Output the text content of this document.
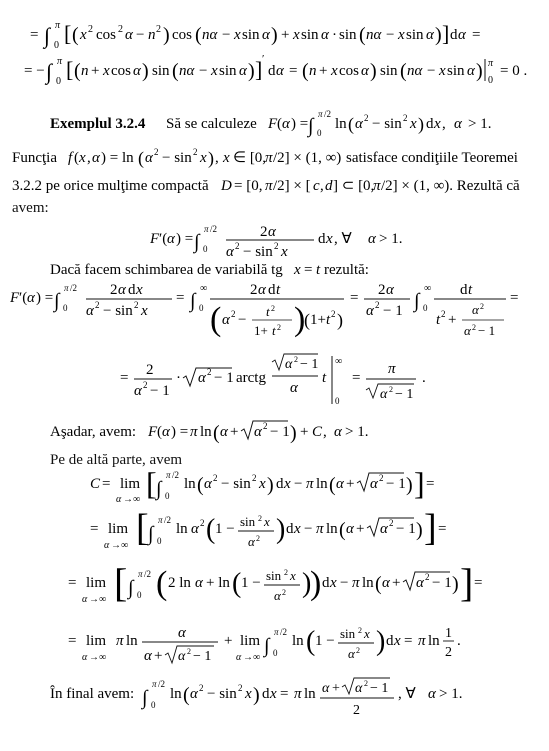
= ∫ π
0 [ ( x 2 cos 2 α − n 2 ) cos ( nα − x sin α ) + x sin α · sin ( nα − x sin α ) ] d α =
= − ∫ π
0 [ ( n + x cos α ) sin ( nα − x sin α ) ] ′
d α = ( n + x cos α ) sin ( nα − x sin α ) π
0
= 0 .
Exemplul 3.2.4 Să se calculeze F ( α ) = ∫
π /2
0
ln ( α 2 − sin 2 x ) d x , α > 1.
Funcţia f ( x , α ) = ln ( α 2 − sin 2 x ) , x ∈ [0,
π /2] × (1, ∞) satisface condiţiile Teoremei
3.2.2 pe orice mulţime compactă D = [0, π /2] × [ c , d ] ⊂ [0,
π /2] × (1, ∞). Rezultă că
avem:
F ′( α ) = ∫
π /2
0
2 α
α 2 − sin 2 x
d x , ∀ α > 1.
Dacă facem schimbarea de variabilă tg x = t rezultă:
F ′( α ) = ∫
π /2
0
2 α d x
α 2 − sin 2 x
= ∫
∞
0
2 α d t
( α 2 −
t 2
1+ t 2 )
( 1+ t 2 )
= 2 α
α 2 − 1 ∫
∞
0
d t
t 2 +
α 2
α 2 − 1
=
= 2
α 2 − 1
· α 2 − 1 arctg
α 2 − 1
α
t
∞
0
=
π
α 2 − 1
.
Aşadar, avem: F ( α ) = π ln ( α + α 2 − 1 ) + C , α > 1.
Pe de altă parte, avem
C = lim
α →∞ [ ∫
π /2
0
ln ( α 2 − sin 2 x ) d x − π ln ( α + α 2 − 1 ) ] =
= lim
α →∞ [ ∫
π /2
0
ln α 2 ( 1 − sin 2 x
α 2 ) d x − π ln ( α + α 2 − 1 ) ] =
= lim
α →∞ [ ∫
π /2
0 ( 2 ln α + ln ( 1 − sin 2 x
α 2 )
) d x − π ln ( α + α 2 − 1 ) ] =
= lim
α →∞
π ln	α
α + α 2 − 1
+ lim
α →∞
∫
π /2
0
ln ( 1 − sin 2 x
α 2 ) d x = π ln 1
2
.
În final avem: ∫
π /2
0
ln ( α 2 − sin 2 x ) d x = π ln α + α 2 − 1
2
, ∀ α > 1.
